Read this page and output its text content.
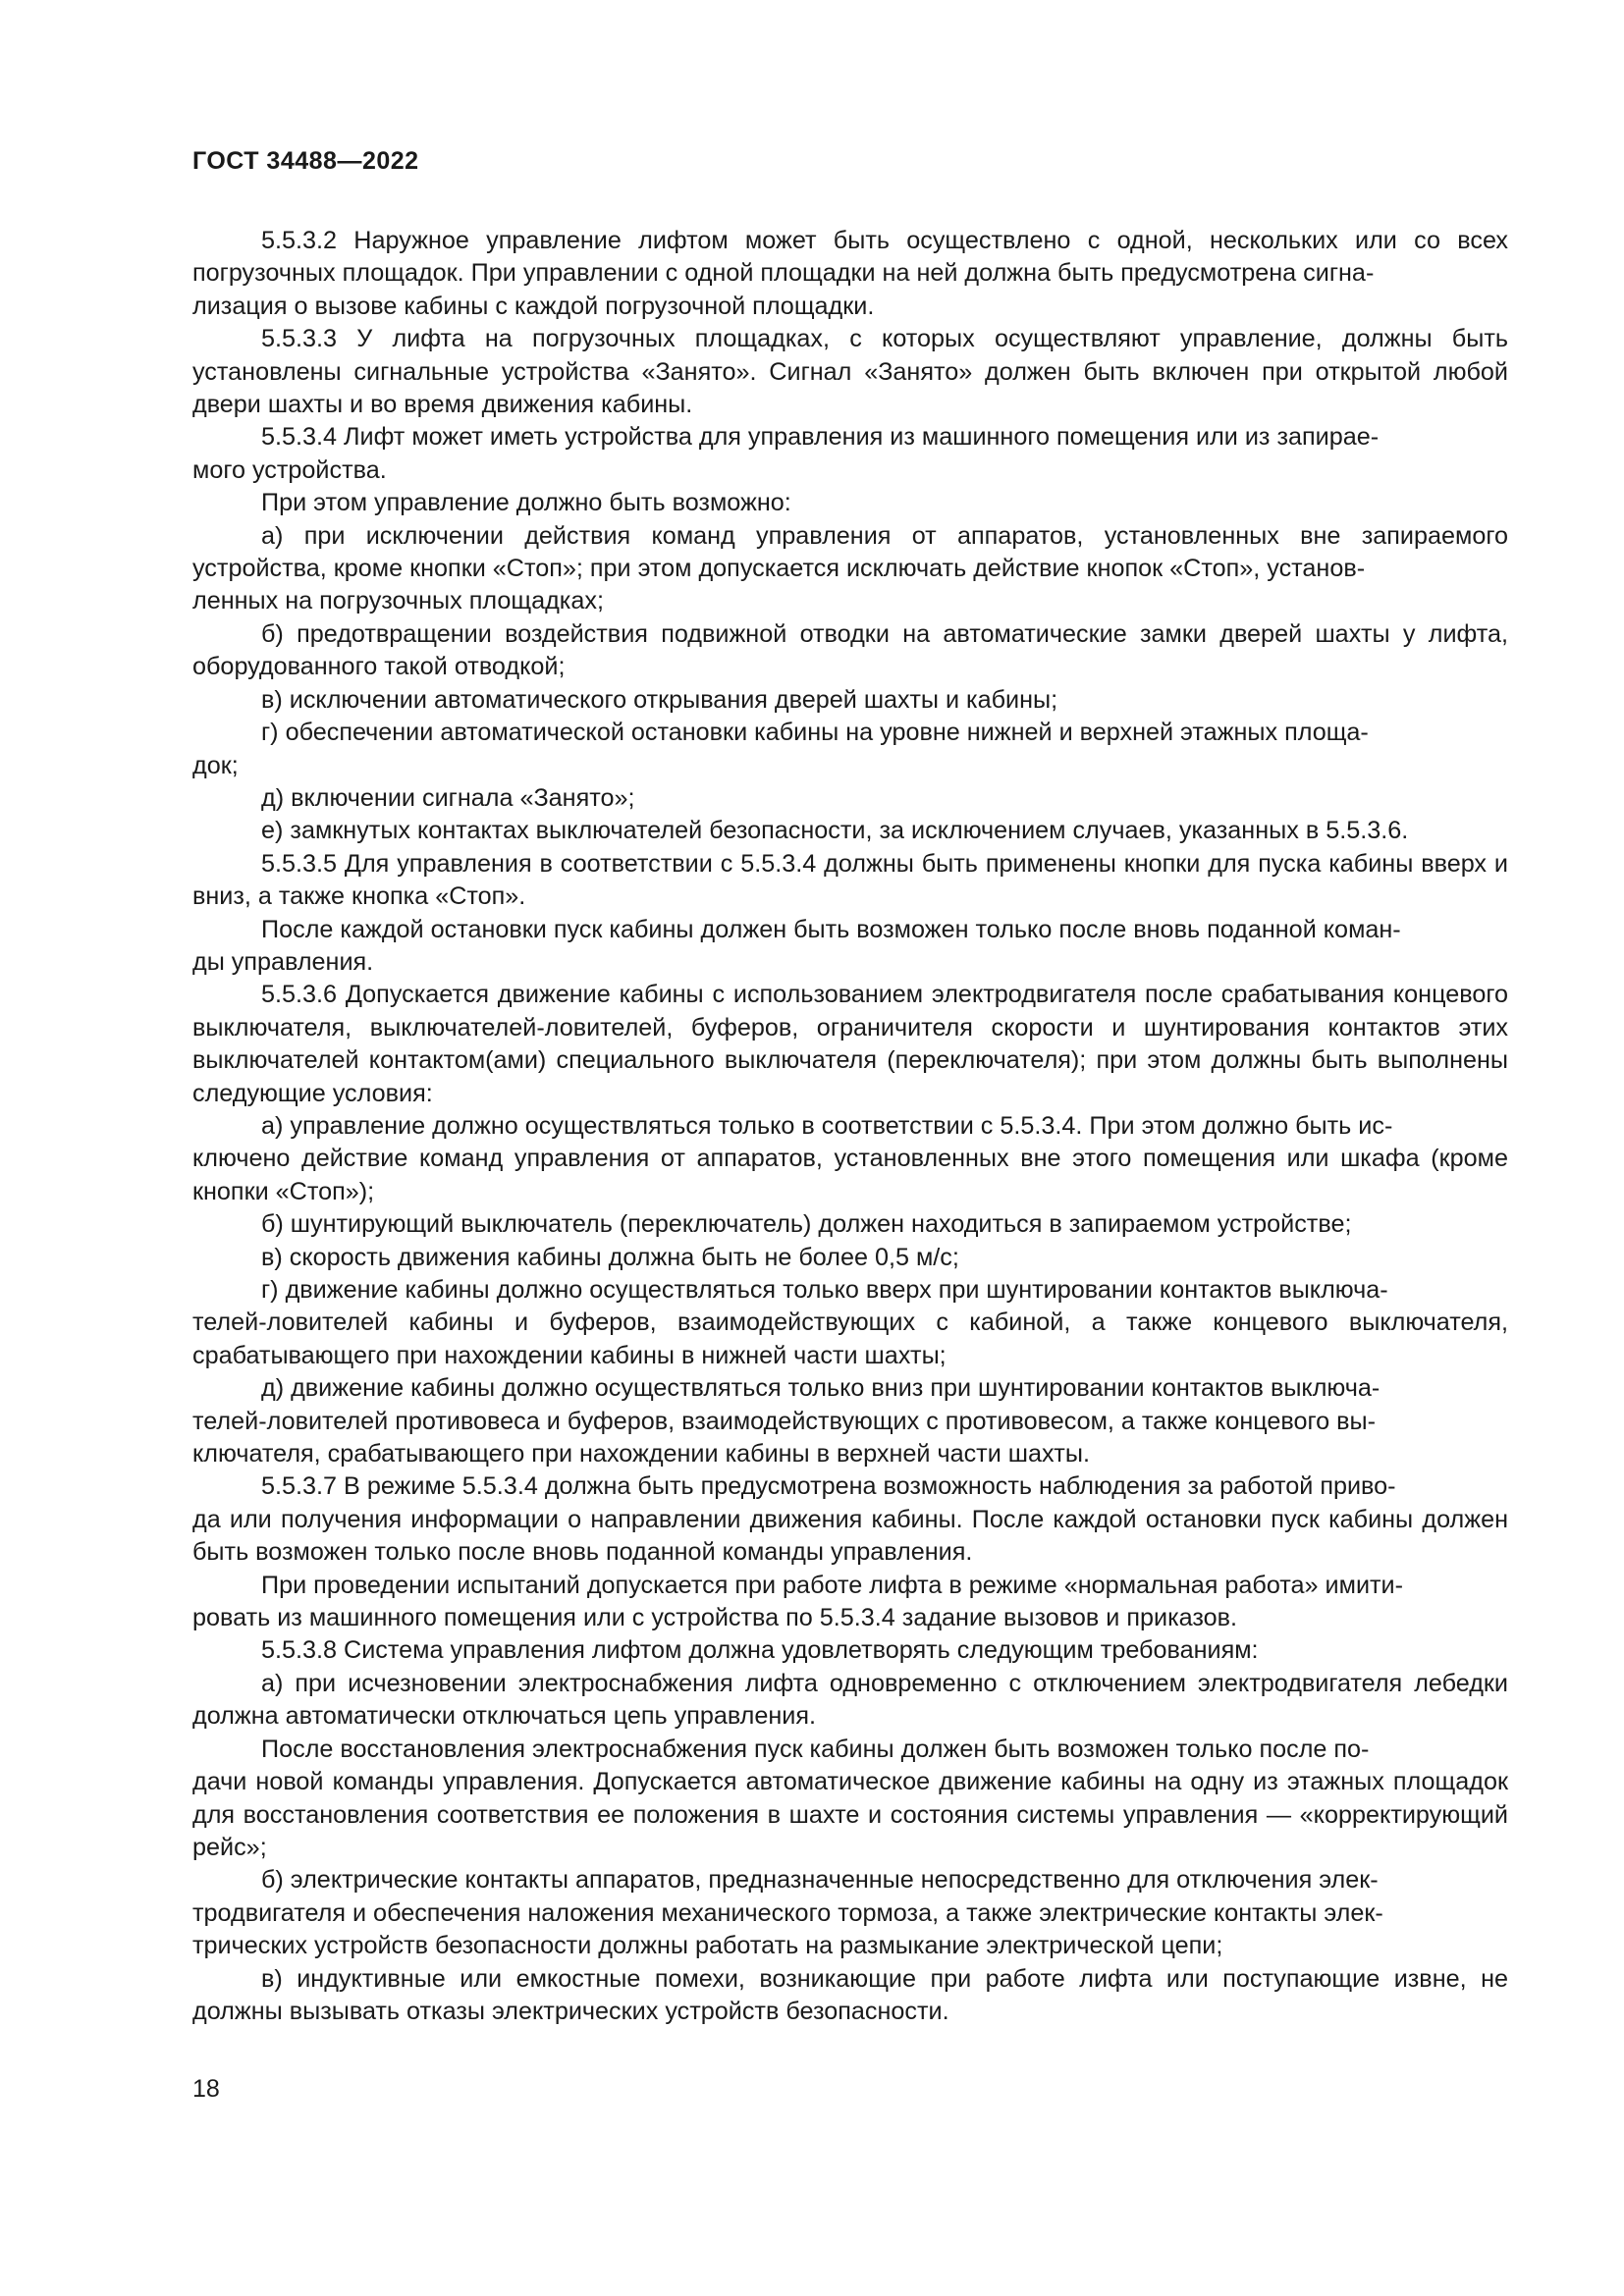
ГОСТ 34488—2022

5.5.3.2 Наружное управление лифтом может быть осуществлено с одной, нескольких или со всех погрузочных площадок. При управлении с одной площадки на ней должна быть предусмотрена сигна-
лизация о вызове кабины с каждой погрузочной площадки.

5.5.3.3 У лифта на погрузочных площадках, с которых осуществляют управление, должны быть установлены сигнальные устройства «Занято». Сигнал «Занято» должен быть включен при открытой любой двери шахты и во время движения кабины.

5.5.3.4 Лифт может иметь устройства для управления из машинного помещения или из запирае-
мого устройства.

При этом управление должно быть возможно:

а) при исключении действия команд управления от аппаратов, установленных вне запираемого устройства, кроме кнопки «Стоп»; при этом допускается исключать действие кнопок «Стоп», установ-
ленных на погрузочных площадках;

б) предотвращении воздействия подвижной отводки на автоматические замки дверей шахты у лифта, оборудованного такой отводкой;

в) исключении автоматического открывания дверей шахты и кабины;

г) обеспечении автоматической остановки кабины на уровне нижней и верхней этажных площа-
док;

д) включении сигнала «Занято»;

е) замкнутых контактах выключателей безопасности, за исключением случаев, указанных в 5.5.3.6.

5.5.3.5 Для управления в соответствии с 5.5.3.4 должны быть применены кнопки для пуска кабины вверх и вниз, а также кнопка «Стоп».

После каждой остановки пуск кабины должен быть возможен только после вновь поданной коман-
ды управления.

5.5.3.6 Допускается движение кабины с использованием электродвигателя после срабатывания концевого выключателя, выключателей-ловителей, буферов, ограничителя скорости и шунтирования контактов этих выключателей контактом(ами) специального выключателя (переключателя); при этом должны быть выполнены следующие условия:

а) управление должно осуществляться только в соответствии с 5.5.3.4. При этом должно быть ис-
ключено действие команд управления от аппаратов, установленных вне этого помещения или шкафа (кроме кнопки «Стоп»);

б) шунтирующий выключатель (переключатель) должен находиться в запираемом устройстве;

в) скорость движения кабины должна быть не более 0,5 м/с;

г) движение кабины должно осуществляться только вверх при шунтировании контактов выключа-
телей-ловителей кабины и буферов, взаимодействующих с кабиной, а также концевого выключателя, срабатывающего при нахождении кабины в нижней части шахты;

д) движение кабины должно осуществляться только вниз при шунтировании контактов выключа-
телей-ловителей противовеса и буферов, взаимодействующих с противовесом, а также концевого вы-
ключателя, срабатывающего при нахождении кабины в верхней части шахты.

5.5.3.7 В режиме 5.5.3.4 должна быть предусмотрена возможность наблюдения за работой приво-
да или получения информации о направлении движения кабины. После каждой остановки пуск кабины должен быть возможен только после вновь поданной команды управления.

При проведении испытаний допускается при работе лифта в режиме «нормальная работа» имити-
ровать из машинного помещения или с устройства по 5.5.3.4 задание вызовов и приказов.

5.5.3.8 Система управления лифтом должна удовлетворять следующим требованиям:

а) при исчезновении электроснабжения лифта одновременно с отключением электродвигателя лебедки должна автоматически отключаться цепь управления.

После восстановления электроснабжения пуск кабины должен быть возможен только после по-
дачи новой команды управления. Допускается автоматическое движение кабины на одну из этажных площадок для восстановления соответствия ее положения в шахте и состояния системы управления — «корректирующий рейс»;

б) электрические контакты аппаратов, предназначенные непосредственно для отключения элек-
тродвигателя и обеспечения наложения механического тормоза, а также электрические контакты элек-
трических устройств безопасности должны работать на размыкание электрической цепи;

в) индуктивные или емкостные помехи, возникающие при работе лифта или поступающие извне, не должны вызывать отказы электрических устройств безопасности.

18
